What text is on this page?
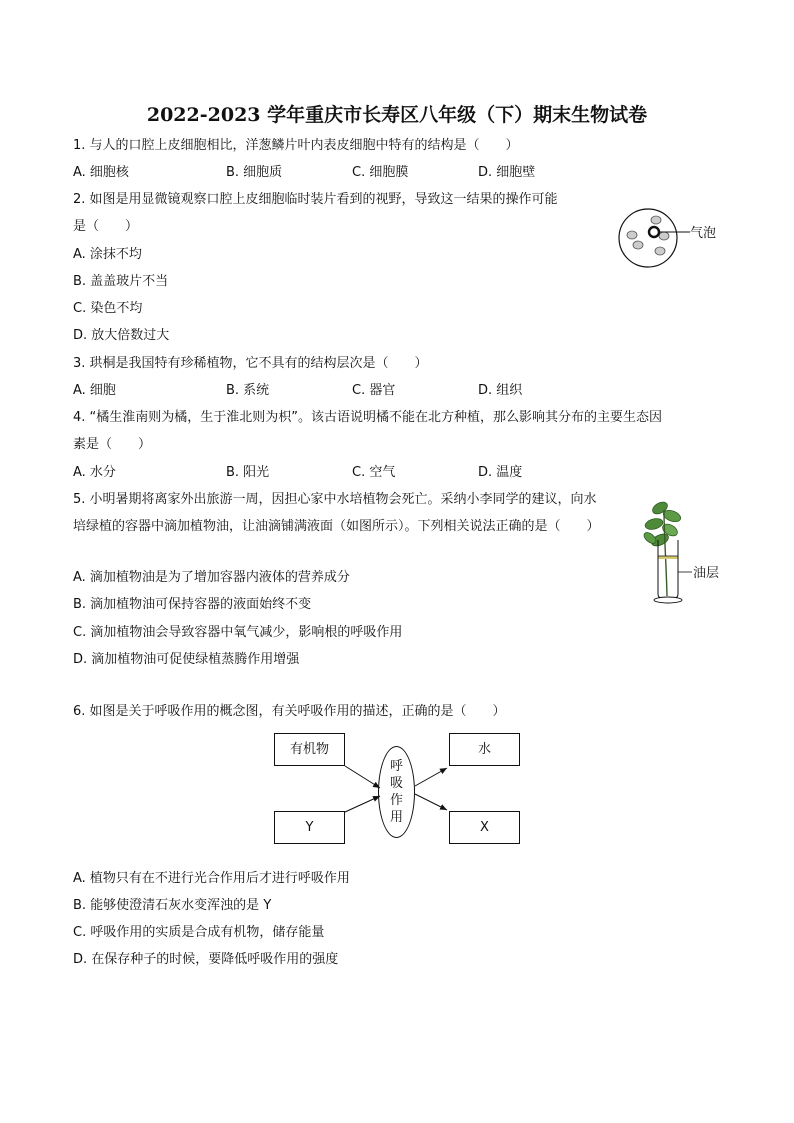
2022-2023 学年重庆市长寿区八年级（下）期末生物试卷
1. 与人的口腔上皮细胞相比，洋葱鳞片叶内表皮细胞中特有的结构是（　　）
A. 细胞核	B. 细胞质	C. 细胞膜	D. 细胞壁
2. 如图是用显微镜观察口腔上皮细胞临时装片看到的视野，导致这一结果的操作可能
是（　　）
A. 涂抹不均
B. 盖盖玻片不当
C. 染色不均
D. 放大倍数过大
气泡
3. 珙桐是我国特有珍稀植物，它不具有的结构层次是（　　）
A. 细胞	B. 系统	C. 器官	D. 组织
4. “橘生淮南则为橘，生于淮北则为枳”。该古语说明橘不能在北方种植，那么影响其分布的主要生态因
素是（　　）
A. 水分	B. 阳光	C. 空气	D. 温度
5. 小明暑期将离家外出旅游一周，因担心家中水培植物会死亡。采纳小李同学的建议，向水
培绿植的容器中滴加植物油，让油滴铺满液面（如图所示）。下列相关说法正确的是（　　）
A. 滴加植物油是为了增加容器内液体的营养成分
B. 滴加植物油可保持容器的液面始终不变
C. 滴加植物油会导致容器中氧气减少，影响根的呼吸作用
D. 滴加植物油可促使绿植蒸腾作用增强
油层
6. 如图是关于呼吸作用的概念图，有关呼吸作用的描述，正确的是（　　）
有机物
Y
呼
吸
作
用
水
X
A. 植物只有在不进行光合作用后才进行呼吸作用
B. 能够使澄清石灰水变浑浊的是 Y
C. 呼吸作用的实质是合成有机物，储存能量
D. 在保存种子的时候，要降低呼吸作用的强度
